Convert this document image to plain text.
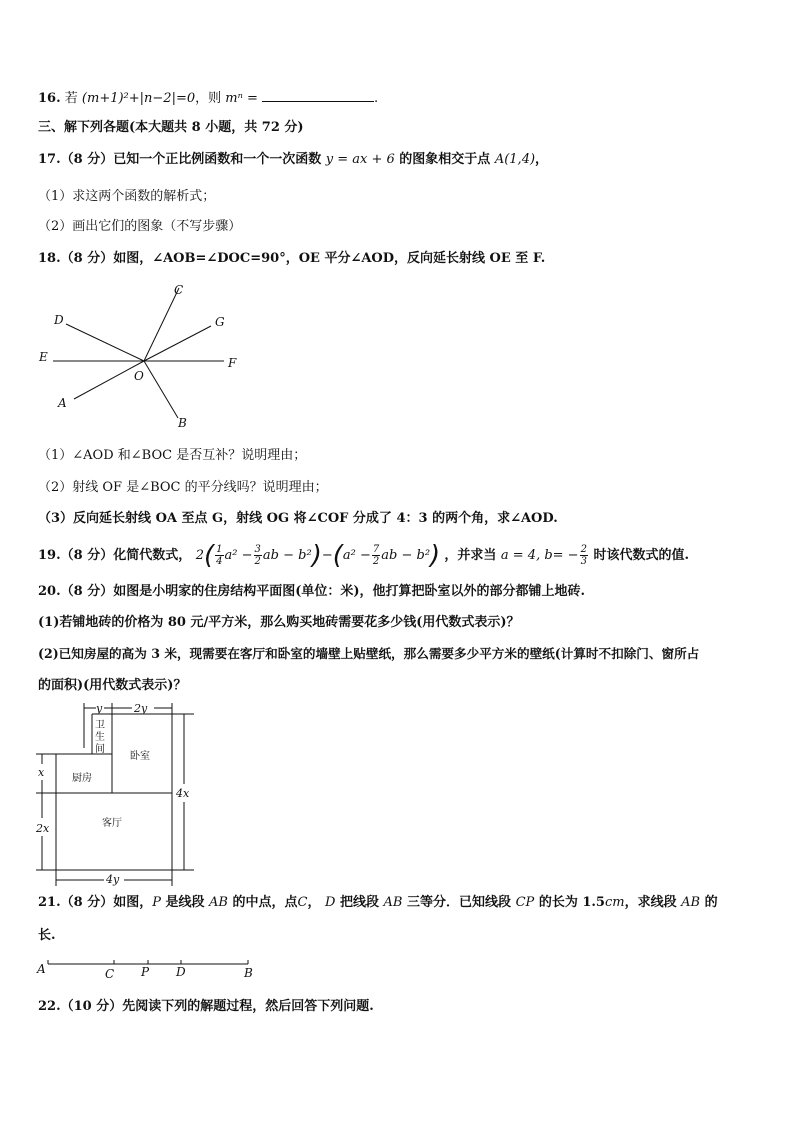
16. 若 (m+1)²+|n−2|=0，则 mⁿ =	.
三、解下列各题(本大题共 8 小题，共 72 分)
17.（8 分）已知一个正比例函数和一个一次函数 y = ax + 6 的图象相交于点 A(1,4)，
（1）求这两个函数的解析式；
（2）画出它们的图象（不写步骤）
18.（8 分）如图，∠AOB=∠DOC=90°，OE 平分∠AOD，反向延长射线 OE 至 F.
C
D	G
E	F
O
A
B
（1）∠AOD 和∠BOC 是否互补？说明理由；
（2）射线 OF 是∠BOC 的平分线吗？说明理由；
（3）反向延长射线 OA 至点 G，射线 OG 将∠COF 分成了 4：3 的两个角，求∠AOD.
19.（8 分）化简代数式， $2( \frac{1}{4} a^2 - \frac{3}{2}$ ab − $b^2)-(a^2 - \frac{7}{2}$ ab − b²) ，并求当 a = 4, $b= - \frac{2}{3}$ 时该代数式的值.
20.（8 分）如图是小明家的住房结构平面图(单位：米)，他打算把卧室以外的部分都铺上地砖.
(1)若铺地砖的价格为 80 元/平方米，那么购买地砖需要花多少钱(用代数式表示)？
(2)已知房屋的高为 3 米，现需要在客厅和卧室的墙壁上贴壁纸，那么需要多少平方米的壁纸(计算时不扣除门、窗所占
的面积)(用代数式表示)？
y	2y
卫
生
间
卧室
厨房
客厅
x
2x
4x
4y
21.（8 分）如图，P 是线段 AB 的中点，点C， D 把线段 AB 三等分．已知线段 CP 的长为 1.5cm，求线段 AB 的
长.
A	C P D	B
22.（10 分）先阅读下列的解题过程，然后回答下列问题.
